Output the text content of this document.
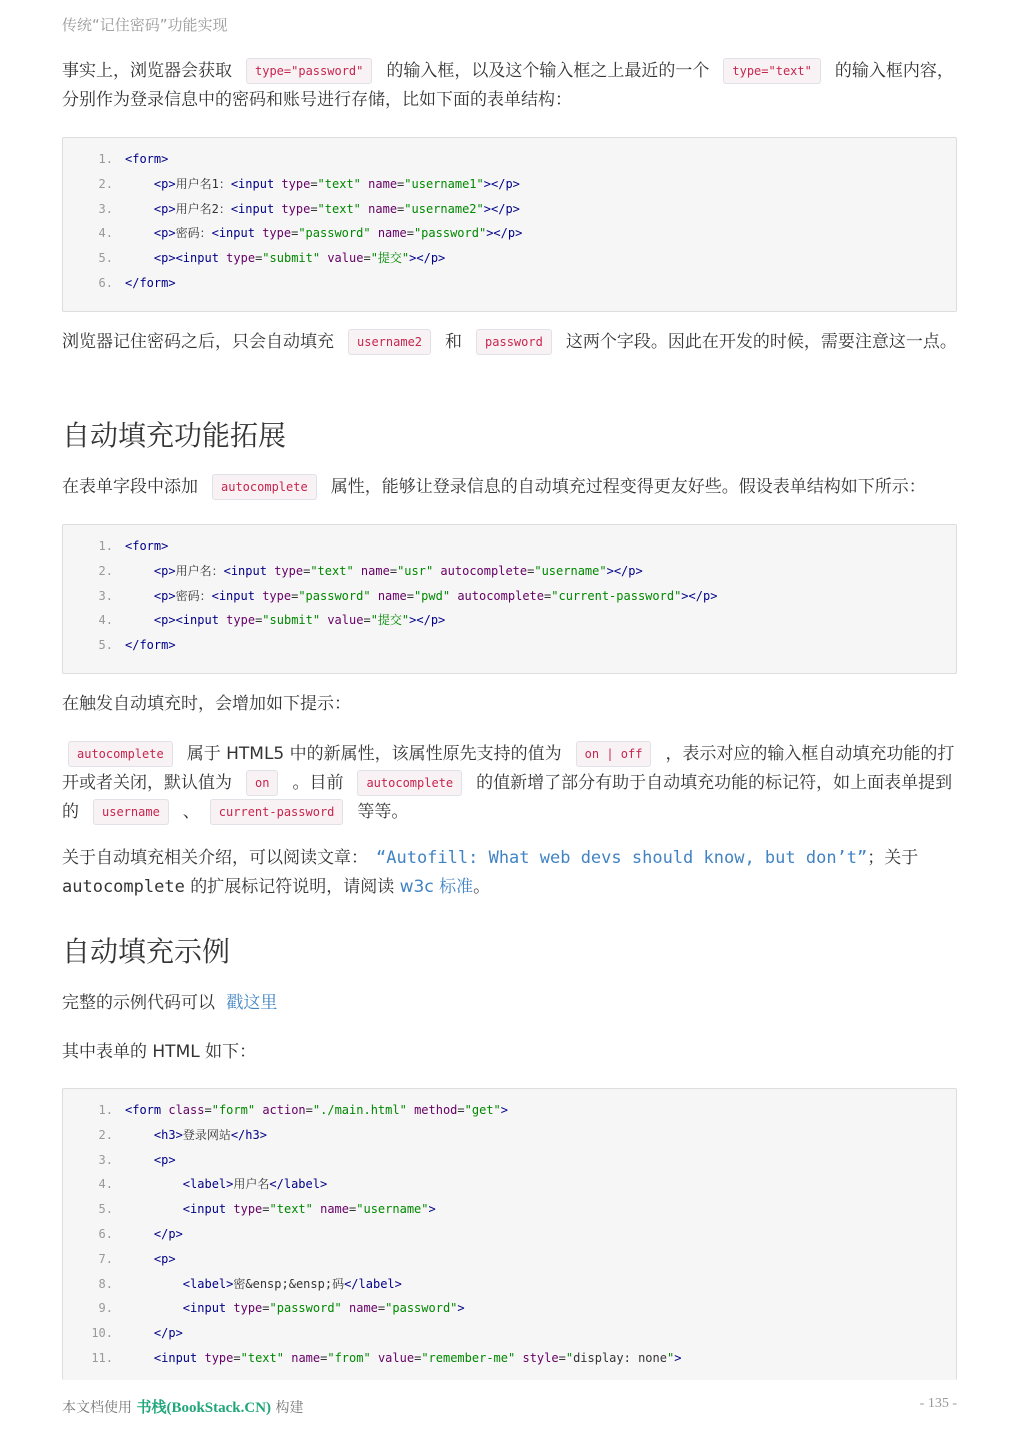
传统“记住密码”功能实现
事实上，浏览器会获取 type="password" 的输入框，以及这个输入框之上最近的一个 type="text" 的输入框内容，分别作为登录信息中的密码和账号进行存储，比如下面的表单结构：
1. <form>
2.	<p>用户名1：<input type="text" name="username1"></p>
3.	<p>用户名2：<input type="text" name="username2"></p>
4.	<p>密码：<input type="password" name="password"></p>
5.	<p><input type="submit" value="提交"></p>
6. </form>
浏览器记住密码之后，只会自动填充 username2 和 password 这两个字段。因此在开发的时候，需要注意这一点。
自动填充功能拓展
在表单字段中添加 autocomplete 属性，能够让登录信息的自动填充过程变得更友好些。假设表单结构如下所示：
1. <form>
2.	<p>用户名：<input type="text" name="usr" autocomplete="username"></p>
3.	<p>密码：<input type="password" name="pwd" autocomplete="current-password"></p>
4.	<p><input type="submit" value="提交"></p>
5. </form>
在触发自动填充时，会增加如下提示：
autocomplete 属于 HTML5 中的新属性，该属性原先支持的值为 on | off ，表示对应的输入框自动填充功能的打开或者关闭，默认值为 on 。目前 autocomplete 的值新增了部分有助于自动填充功能的标记符，如上面表单提到的 username 、 current-password 等等。
关于自动填充相关介绍，可以阅读文章： “Autofill: What web devs should know, but don’t”；关于autocomplete 的扩展标记符说明，请阅读 w3c 标准。
自动填充示例
完整的示例代码可以 戳这里
其中表单的 HTML 如下：
1. <form class="form" action="./main.html" method="get">
2.	<h3>登录网站</h3>
3.	<p>
4.	<label>用户名</label>
5.	<input type="text" name="username">
6.	</p>
7.	<p>
8.	<label>密&ensp;&ensp;码</label>
9.	<input type="password" name="password">
10.	</p>
11.	<input type="text" name="from" value="remember-me" style="display: none">
本文档使用 书栈(BookStack.CN) 构建	- 135 -
